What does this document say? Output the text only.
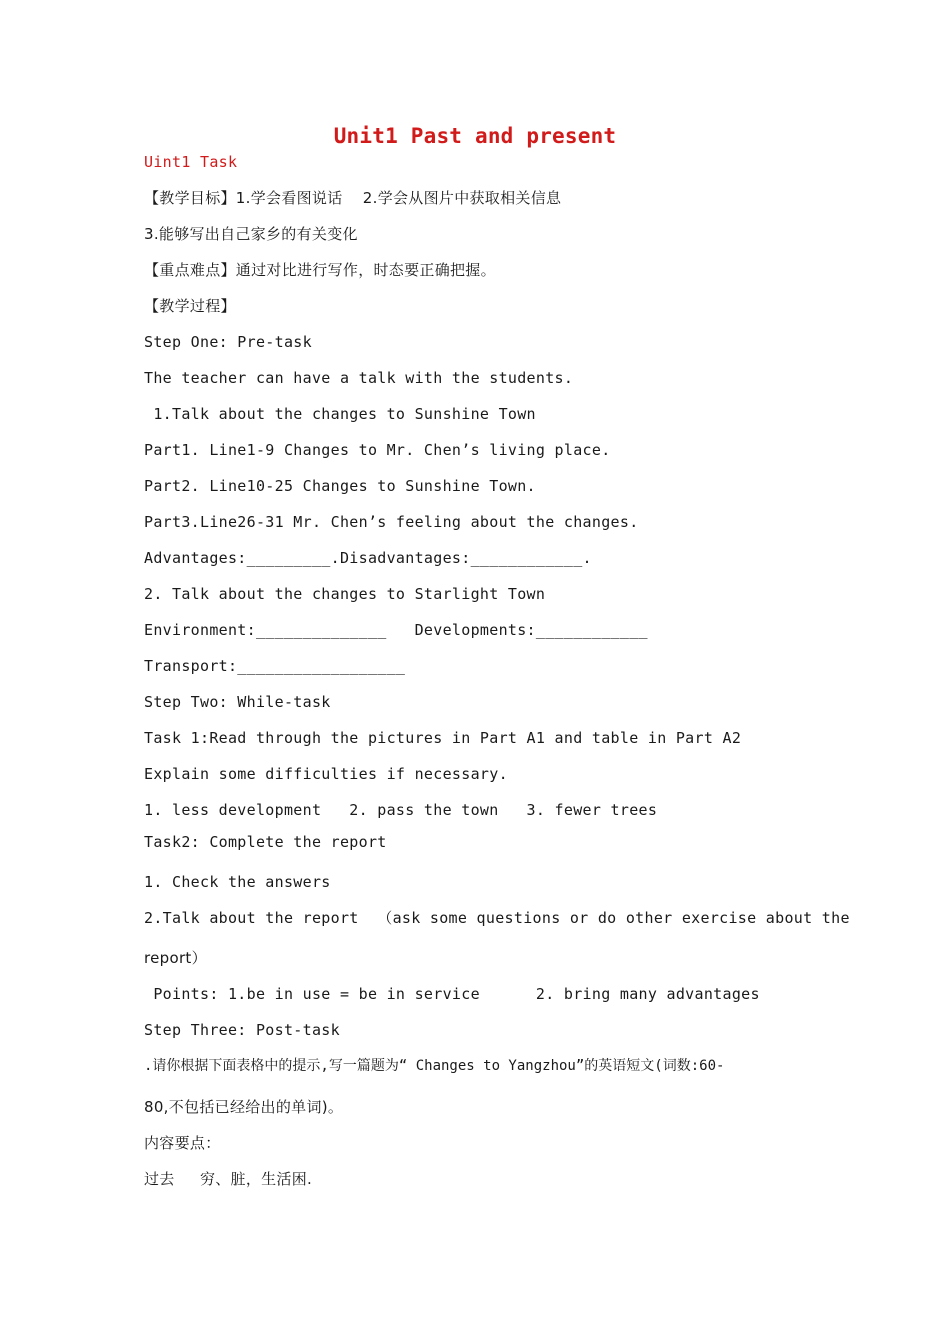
Unit1 Past and present
Uint1 Task
【教学目标】1.学会看图说话    2.学会从图片中获取相关信息
3.能够写出自己家乡的有关变化
【重点难点】通过对比进行写作，时态要正确把握。
【教学过程】
Step One: Pre-task
The teacher can have a talk with the students.
1.Talk about the changes to Sunshine Town
Part1. Line1-9 Changes to Mr. Chen’s living place.
Part2. Line10-25 Changes to Sunshine Town.
Part3.Line26-31 Mr. Chen’s feeling about the changes.
Advantages:_________.Disadvantages:____________.
2. Talk about the changes to Starlight Town
Environment:______________   Developments:____________
Transport:__________________
Step Two: While-task
Task 1:Read through the pictures in Part A1 and table in Part A2
Explain some difficulties if necessary.
1. less development   2. pass the town   3. fewer trees
Task2: Complete the report
1. Check the answers
2.Talk about the report  （ask some questions or do other exercise about the
report）
Points: 1.be in use = be in service      2. bring many advantages
Step Three: Post-task
.请你根据下面表格中的提示,写一篇题为“ Changes to Yangzhou”的英语短文(词数:60-
80,不包括已经给出的单词)。
内容要点：
过去     穷、脏，生活困.
